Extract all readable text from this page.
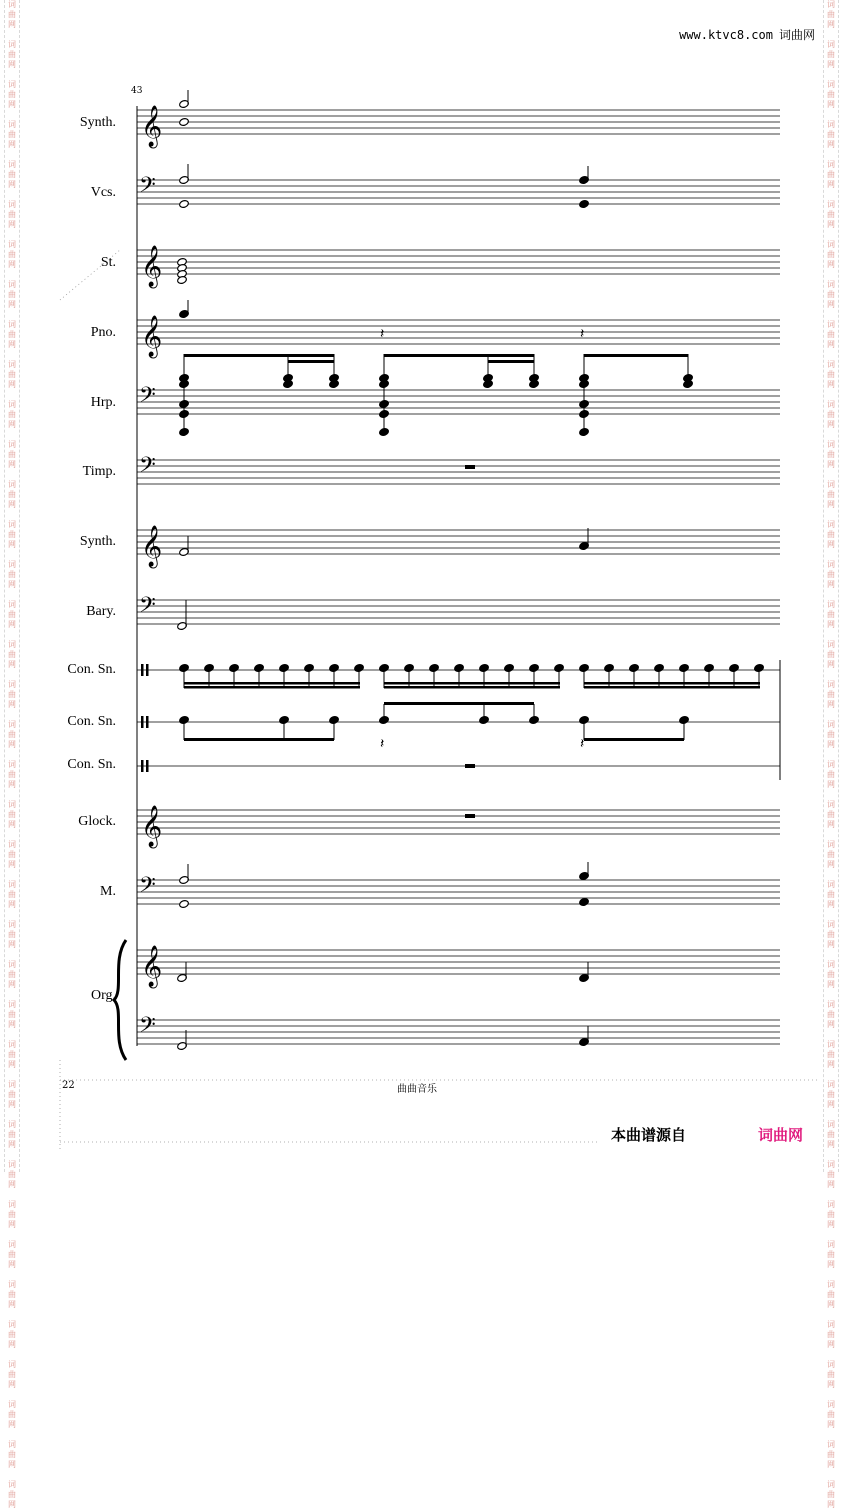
词
曲
网

词
曲
网

词
曲
网

词
曲
网

词
曲
网

词
曲
网

词
曲
网

词
曲
网

词
曲
网

词
曲
网

词
曲
网

词
曲
网

词
曲
网

词
曲
网

词
曲
网

词
曲
网

词
曲
网

词
曲
网

词
曲
网

词
曲
网

词
曲
网

词
曲
网

词
曲
网

词
曲
网

词
曲
网

词
曲
网

词
曲
网

词
曲
网

词
曲
网

词
曲
网

词
曲
网

词
曲
网

词
曲
网

词
曲
网

词
曲
网

词
曲
网

词
曲
网

词
曲
网

词
曲
网

词
曲
网

词
曲
网

词
曲
网

词
曲
网

词
曲
网

词
曲
网

词
曲
网

词
曲
网

词
曲
网

词
曲
网

词
曲
网

词
曲
网

词
曲
网

词
曲
网

词
曲
网

词
曲
网

词
曲
网

词
曲
网

词
曲
网

词
曲
网

词
曲
网

词
曲
网

词
曲
网

词
曲
网

词
曲
网

词
曲
网

词
曲
网

词
曲
网

词
曲
网

词
曲
网

词
曲
网

词
曲
网

词
曲
网

词
曲
网

词
曲
网

词
曲
网

词
曲
网

www.ktvc8.com 词曲网
43
Synth.
Vcs.
St.
Pno.
Hrp.
Timp.
Synth.
Bary.
Con. Sn.
Con. Sn.
Con. Sn.
Glock.
M.
Org.
𝄞
𝄢
𝄞
𝄞
𝄢
𝄢
𝄞
𝄢
𝄞
𝄢
𝄞
𝄢
𝄽	𝄽
𝄽	𝄽
22	曲曲音乐
本曲谱源自	词曲网
